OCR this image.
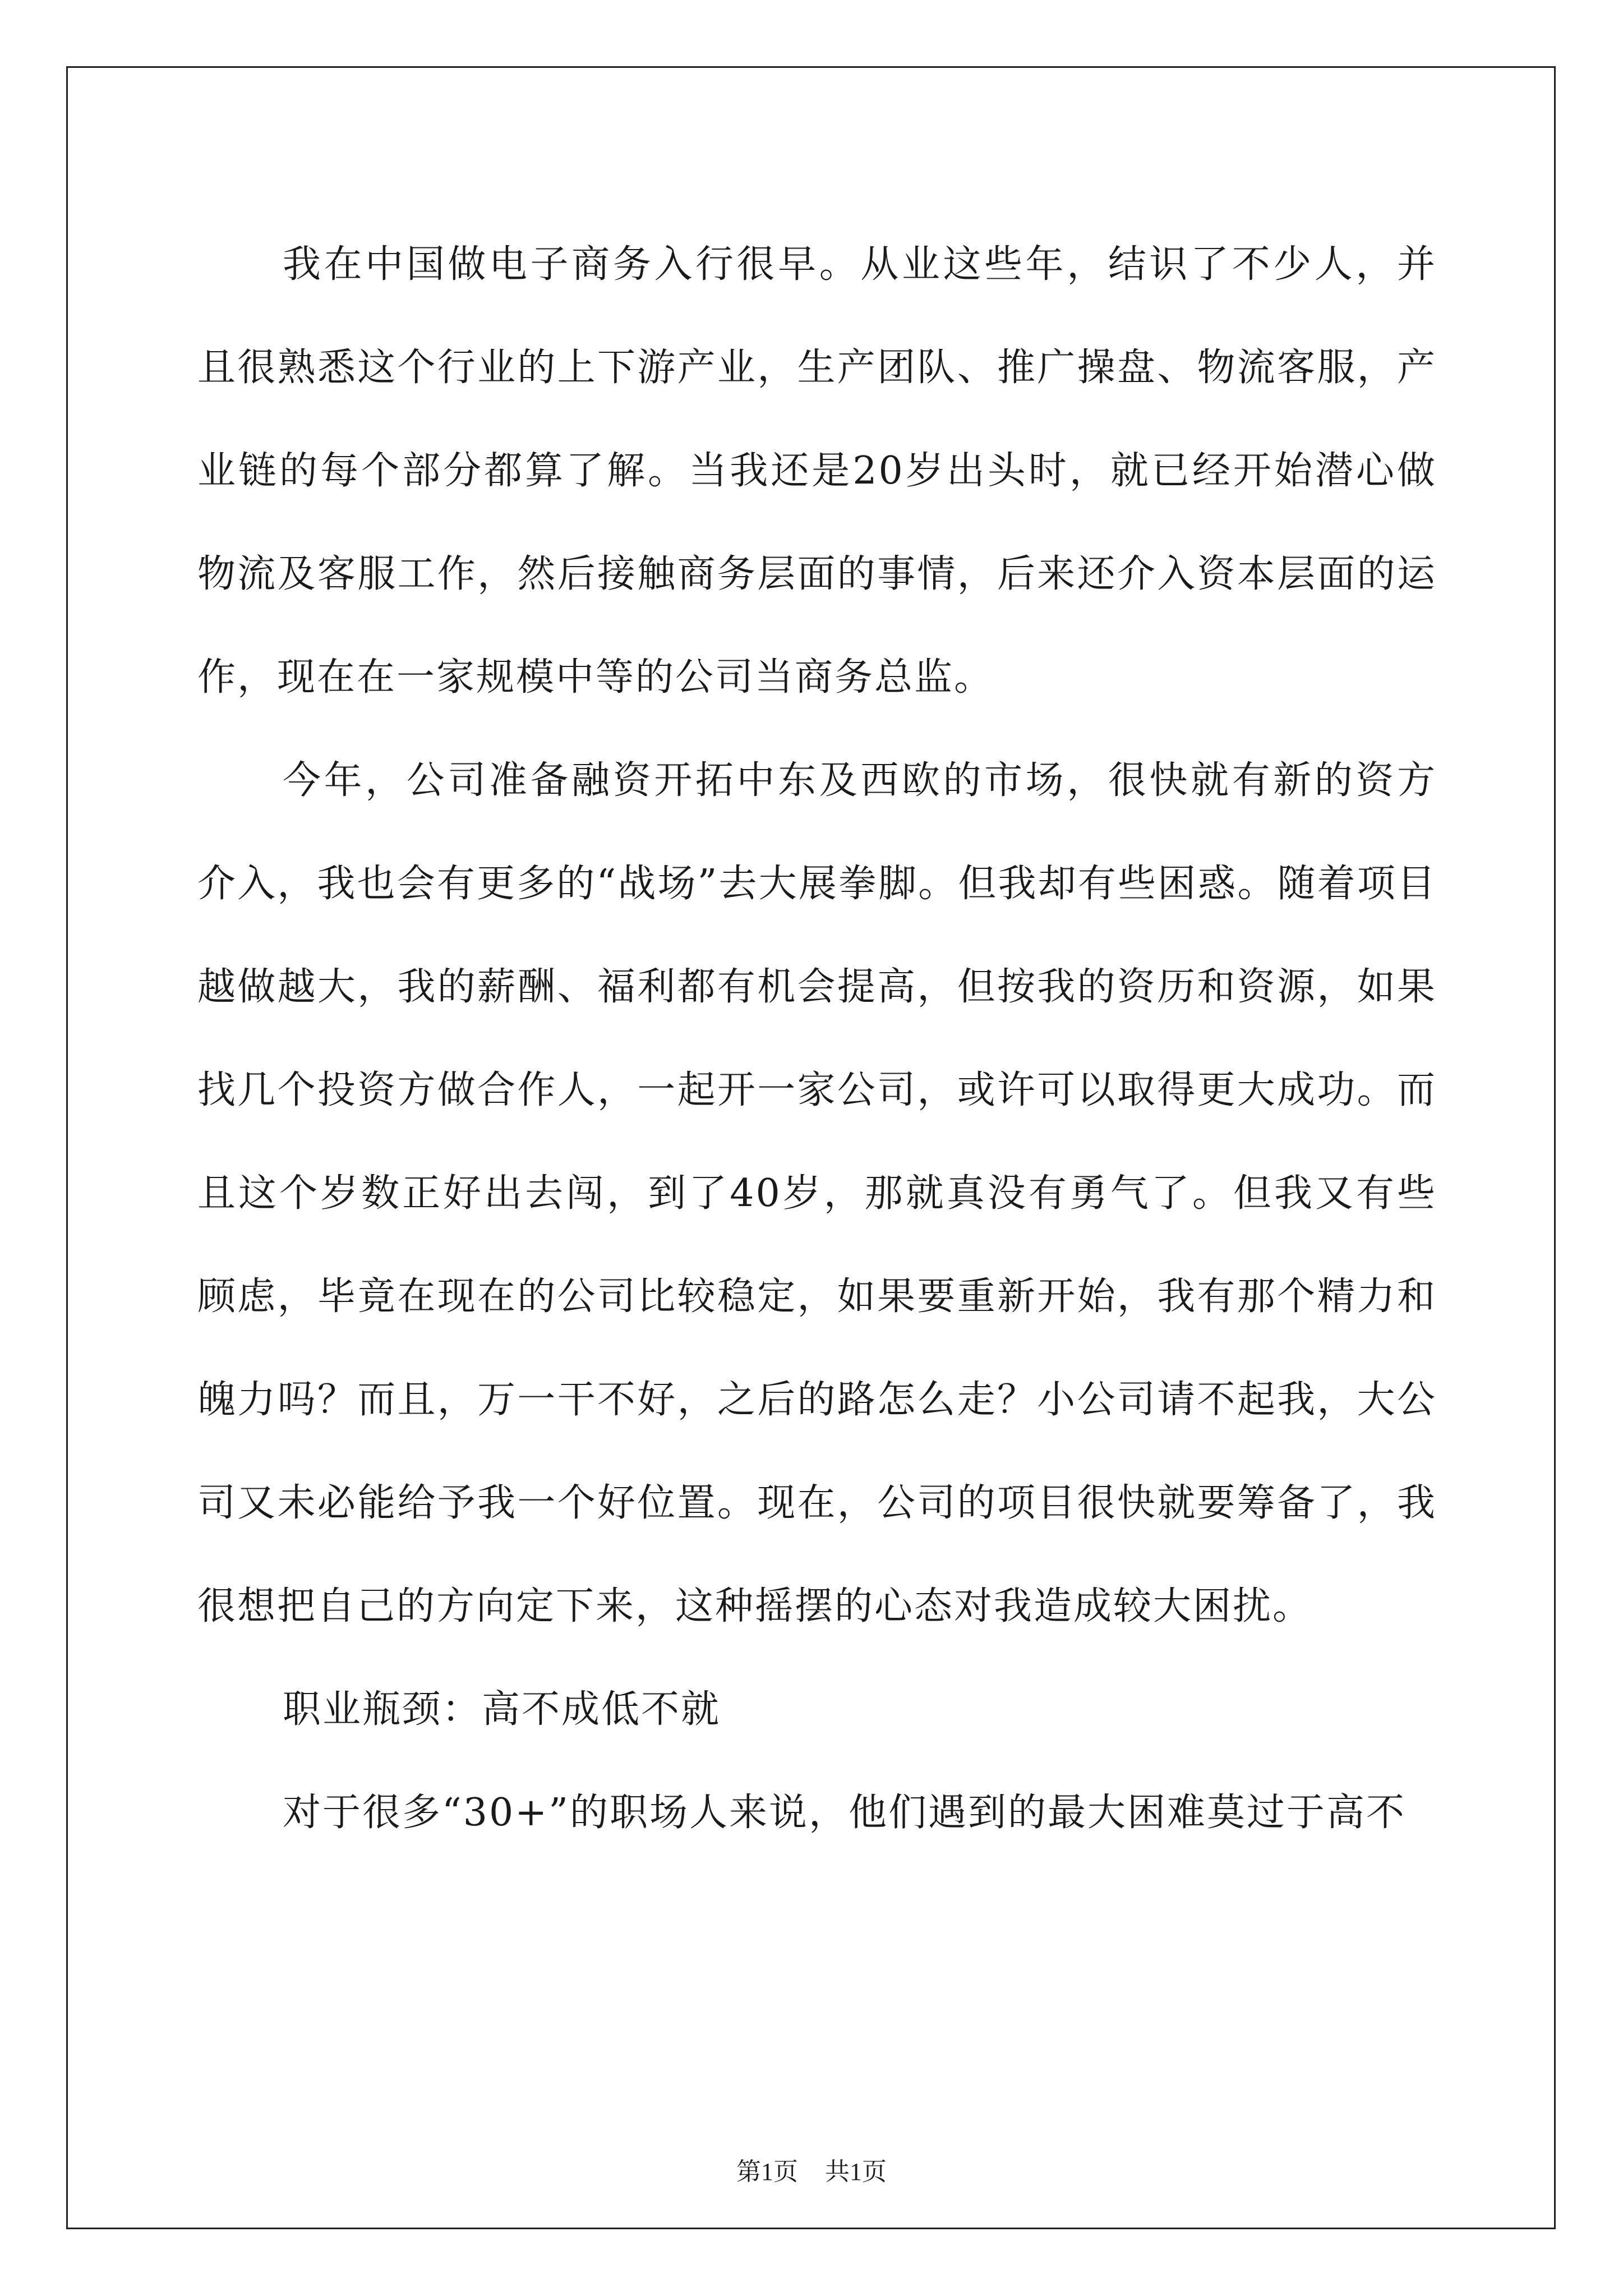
我在中国做电子商务入行很早。从业这些年，结识了不少人，并且很熟悉这个行业的上下游产业，生产团队、推广操盘、物流客服，产业链的每个部分都算了解。当我还是20岁出头时，就已经开始潜心做物流及客服工作，然后接触商务层面的事情，后来还介入资本层面的运作，现在在一家规模中等的公司当商务总监。

今年，公司准备融资开拓中东及西欧的市场，很快就有新的资方介入，我也会有更多的“战场”去大展拳脚。但我却有些困惑。随着项目越做越大，我的薪酬、福利都有机会提高，但按我的资历和资源，如果找几个投资方做合作人，一起开一家公司，或许可以取得更大成功。而且这个岁数正好出去闯，到了40岁，那就真没有勇气了。但我又有些顾虑，毕竟在现在的公司比较稳定，如果要重新开始，我有那个精力和魄力吗？而且，万一干不好，之后的路怎么走？小公司请不起我，大公司又未必能给予我一个好位置。现在，公司的项目很快就要筹备了，我很想把自己的方向定下来，这种摇摆的心态对我造成较大困扰。

职业瓶颈：高不成低不就

对于很多“30+”的职场人来说，他们遇到的最大困难莫过于高不

第1页 共1页
